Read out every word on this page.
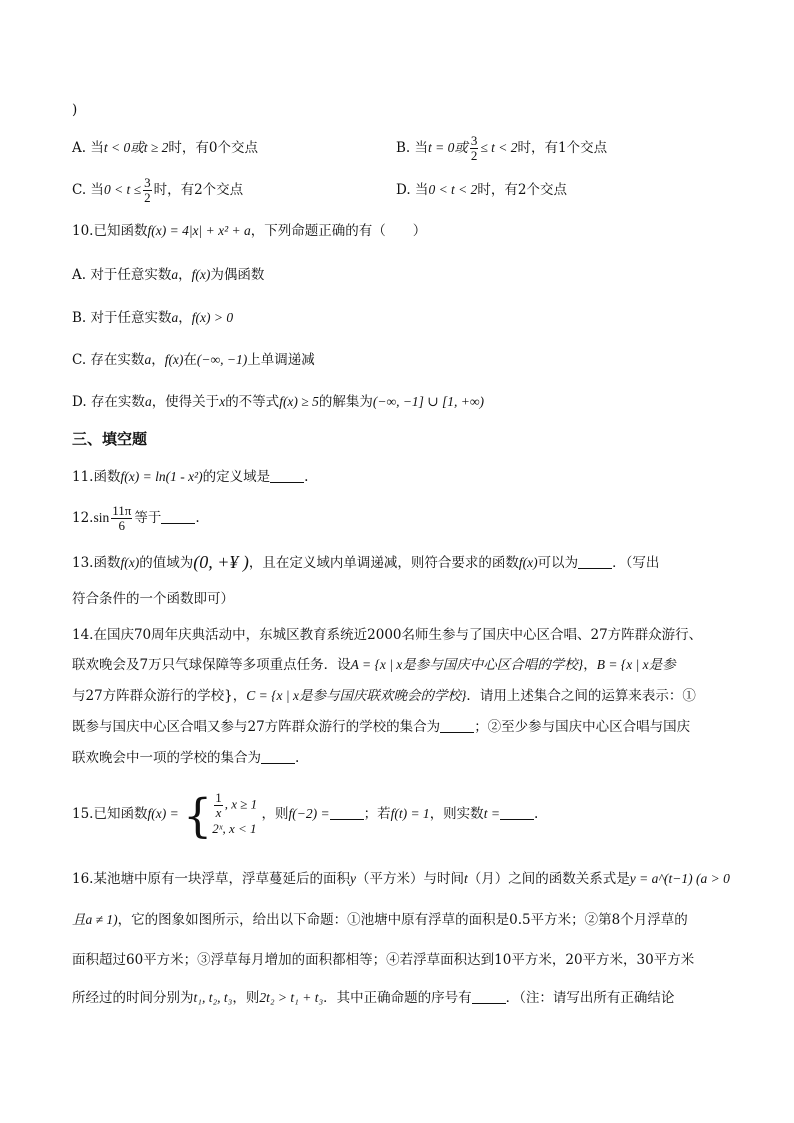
)
A. 当t < 0或t ≥ 2时，有0个交点	B. 当t = 0或 $\frac{3}{2} \le t < 2$时，有1个交点
C. 当$0 < t \le \frac{3}{2}$ 时，有2个交点	D. 当0 < t < 2时，有2个交点
10.已知函数f(x) = 4|x| + x² + a，下列命题正确的有（　　）
A. 对于任意实数a，f(x)为偶函数
B. 对于任意实数a，f(x) > 0
C. 存在实数a，f(x)在(−∞, −1)上单调递减
D. 存在实数a，使得关于x的不等式f(x) ≥ 5的解集为(−∞, −1] ∪ [1, +∞)
三、填空题
11.函数f(x) = ln(1 - x²)的定义域是	.
$12.\sin \frac{11\pi}{6}$ 等于	.
13.函数f(x)的值域为(0, +¥ )，且在定义域内单调递减，则符合要求的函数f(x)可以为	．（写出
符合条件的一个函数即可）
14.在国庆70周年庆典活动中，东城区教育系统近2000名师生参与了国庆中心区合唱、27方阵群众游行、
联欢晚会及7万只气球保障等多项重点任务．设A = {x | x是参与国庆中心区合唱的学校}，B = {x | x是参
与27方阵群众游行的学校}，C = {x | x是参与国庆联欢晚会的学校}．请用上述集合之间的运算来表示：①
既参与国庆中心区合唱又参与27方阵群众游行的学校的集合为	；②至少参与国庆中心区合唱与国庆
联欢晚会中一项的学校的集合为	.
15.已知函数f(x) = { $\frac{1}{x}$ , x ≥ 1
2ˣ, x < 1
，则f(−2) =	；若f(t) = 1，则实数t =	.
16.某池塘中原有一块浮草，浮草蔓延后的面积y（平方米）与时间t（月）之间的函数关系式是y = a^(t−1) (a > 0
且a ≠ 1)，它的图象如图所示，给出以下命题：①池塘中原有浮草的面积是0.5平方米；②第8个月浮草的
面积超过60平方米；③浮草每月增加的面积都相等；④若浮草面积达到10平方米，20平方米，30平方米
所经过的时间分别为t₁, t₂, t₃，则2t₂ > t₁ + t₃．其中正确命题的序号有	．（注：请写出所有正确结论
